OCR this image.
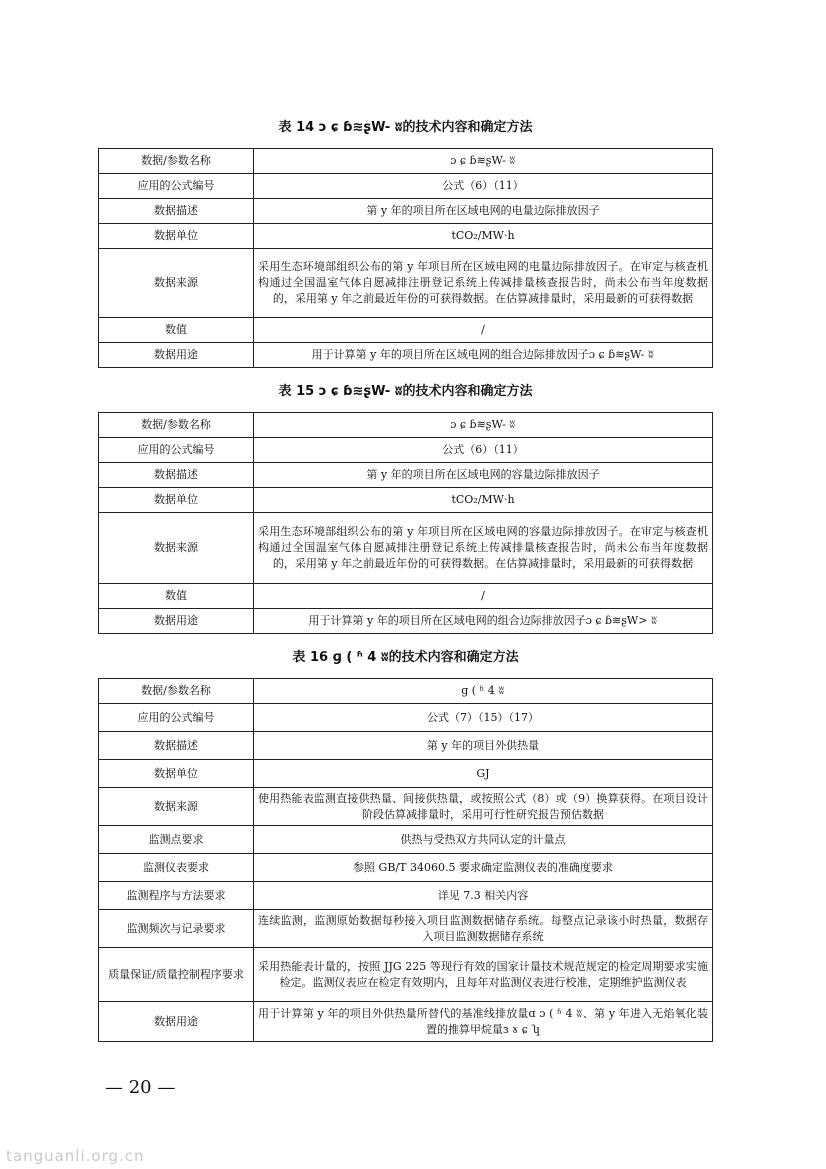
表 14 ɔ ɕ ɓ≋ʂW- ʬ的技术内容和确定方法
数据/参数名称	ɔ ɕ ɓ≋ʂW- ʬ
应用的公式编号	公式（6）（11）
数据描述	第 y 年的项目所在区域电网的电量边际排放因子
数据单位	tCO₂/MW·h
数据来源	采用生态环境部组织公布的第 y 年项目所在区域电网的电量边际排放因子。在审定与核查机构通过全国温室气体自愿减排注册登记系统上传减排量核查报告时，尚未公布当年度数据的，采用第 y 年之前最近年份的可获得数据。在估算减排量时，采用最新的可获得数据
数值	/
数据用途	用于计算第 y 年的项目所在区域电网的组合边际排放因子ɔ ɕ ɓ≋ʂW- ʬ
表 15 ɔ ɕ ɓ≋ʂW- ʬ的技术内容和确定方法
数据/参数名称	ɔ ɕ ɓ≋ʂW- ʬ
应用的公式编号	公式（6）（11）
数据描述	第 y 年的项目所在区域电网的容量边际排放因子
数据单位	tCO₂/MW·h
数据来源	采用生态环境部组织公布的第 y 年项目所在区域电网的容量边际排放因子。在审定与核查机构通过全国温室气体自愿减排注册登记系统上传减排量核查报告时，尚未公布当年度数据的，采用第 y 年之前最近年份的可获得数据。在估算减排量时，采用最新的可获得数据
数值	/
数据用途	用于计算第 y 年的项目所在区域电网的组合边际排放因子ɔ ɕ ɓ≋ʂW> ʬ
表 16 ɡ ( ʱ 4 ʬ的技术内容和确定方法
数据/参数名称	ɡ ( ʱ 4 ʬ
应用的公式编号	公式（7）（15）（17）
数据描述	第 y 年的项目外供热量
数据单位	GJ
数据来源	使用热能表监测直接供热量、间接供热量，或按照公式（8）或（9）换算获得。在项目设计阶段估算减排量时，采用可行性研究报告预估数据
监测点要求	供热与受热双方共同认定的计量点
监测仪表要求	参照 GB/T 34060.5 要求确定监测仪表的准确度要求
监测程序与方法要求	详见 7.3 相关内容
监测频次与记录要求	连续监测，监测原始数据每秒接入项目监测数据储存系统。每整点记录该小时热量，数据存入项目监测数据储存系统
质量保证/质量控制程序要求	采用热能表计量的，按照 JJG 225 等现行有效的国家计量技术规范规定的检定周期要求实施检定。监测仪表应在检定有效期内，且每年对监测仪表进行校准，定期维护监测仪表
数据用途	用于计算第 y 年的项目外供热量所替代的基准线排放量ɑ ɔ ( ʱ 4 ʬ、第 y 年进入无焰氧化装置的推算甲烷量ɜ ɤ ɕ ʮ
— 20 —
tanguanli.org.cn
